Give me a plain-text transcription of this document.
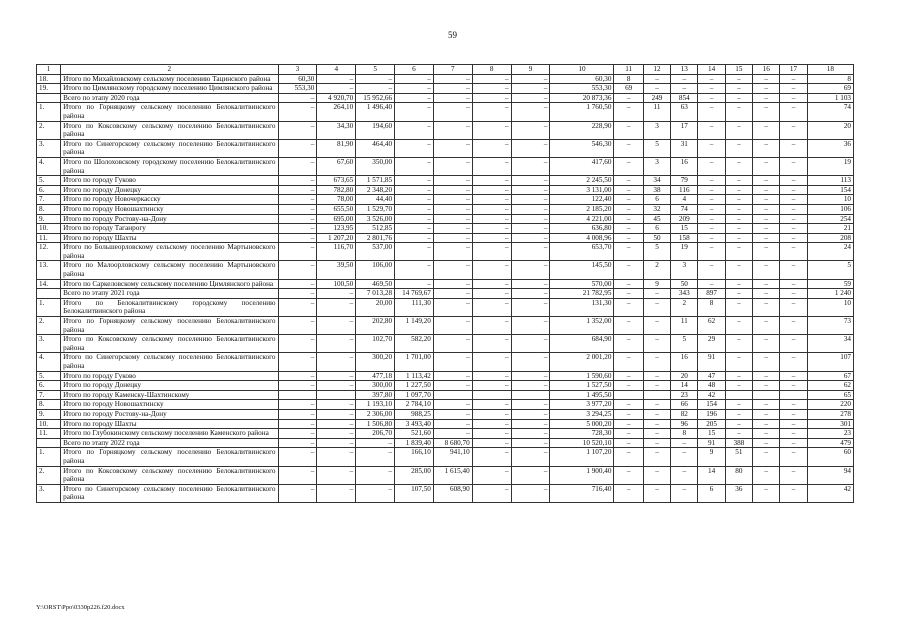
59
1	2	3	4	5	6	7	8	9	10	11	12	13	14	15	16	17	18
18.	Итого по Михайловскому сельскому поселению Тацинского района	60,30	–	–	–	–	–	–	60,30	8	–	–	–	–	–	–	8
19.	Итого по Цимлянскому городскому поселению Цимлянского района	553,30	–	–	–	–	–	–	553,30	69	–	–	–	–	–	–	69
	Всего по этапу 2020 года	–	4 920,70	15 952,66	–	–	–	–	20 873,36	–	249	854	–	–	–	–	1 103
1.	Итого по Горняцкому сельскому поселению Белокалитвинского района	–	264,10	1 496,40	–	–	–	–	1 760,50	–	11	63	–	–	–	–	74
2.	Итого по Коксовскому сельскому поселению Белокалитвинского района	–	34,30	194,60	–	–	–	–	228,90	–	3	17	–	–	–	–	20
3.	Итого по Синегорскому сельскому поселению Белокалитвинского района	–	81,90	464,40	–	–	–	–	546,30	–	5	31	–	–	–	–	36
4.	Итого по Шолоховскому городскому поселению Белокалитвинского района	–	67,60	350,00	–	–	–	–	417,60	–	3	16	–	–	–	–	19
5.	Итого по городу Гуково	–	673,65	1 571,85	–	–	–	–	2 245,50	–	34	79	–	–	–	–	113
6.	Итого по городу Донецку	–	782,80	2 348,20	–	–	–	–	3 131,00	–	38	116	–	–	–	–	154
7.	Итого по городу Новочеркасску	–	78,00	44,40	–	–	–	–	122,40	–	6	4	–	–	–	–	10
8.	Итого по городу Новошахтинску	–	655,50	1 529,70	–	–	–	–	2 185,20	–	32	74	–	–	–	–	106
9.	Итого по городу Ростову-на-Дону	–	695,00	3 526,00	–	–	–	–	4 221,00	–	45	209	–	–	–	–	254
10.	Итого по городу Таганрогу	–	123,95	512,85	–	–	–	–	636,80	–	6	15	–	–	–	–	21
11.	Итого по городу Шахты	–	1 207,20	2 801,76	–	–	–	–	4 008,96	–	50	158	–	–	–	–	208
12.	Итого по Большеорловскому сельскому поселению Мартыновского района	–	116,70	537,00	–	–	–	–	653,70	–	5	19	–	–	–	–	24
13.	Итого по Малоорловскому сельскому поселению Мартыновского района	–	39,50	106,00	–	–	–	–	145,50	–	2	3	–	–	–	–	5
14.	Итого по Саркеловскому сельскому поселению Цимлянского района	–	100,50	469,50	–	–	–	–	570,00	–	9	50	–	–	–	–	59
	Всего по этапу 2021 года	–	–	7 013,28	14 769,67	–	–	–	21 782,95	–	–	343	897	–	–	–	1 240
1.	Итого по Белокалитвинскому городскому поселению Белокалитвинского района	–	–	20,00	111,30	–	–	–	131,30	–	–	2	8	–	–	–	10
2.	Итого по Горняцкому сельскому поселению Белокалитвинского района	–	–	202,80	1 149,20	–	–	–	1 352,00	–	–	11	62	–	–	–	73
3.	Итого по Коксовскому сельскому поселению Белокалитвинского района	–	–	102,70	582,20	–	–	–	684,90	–	–	5	29	–	–	–	34
4.	Итого по Синегорскому сельскому поселению Белокалитвинского района	–	–	300,20	1 701,00	–	–	–	2 001,20	–	–	16	91	–	–	–	107
5.	Итого по городу Гуково	–	–	477,18	1 113,42	–	–	–	1 590,60	–	–	20	47	–	–	–	67
6.	Итого по городу Донецку	–	–	300,00	1 227,50	–	–	–	1 527,50	–	–	14	48	–	–	–	62
7.	Итого по городу Каменску-Шахтинскому			397,80	1 097,70				1 495,50			23	42				65
8.	Итого по городу Новошахтинску	–	–	1 193,10	2 784,10	–	–	–	3 977,20	–	–	66	154	–	–	–	220
9.	Итого по городу Ростову-на-Дону	–	–	2 306,00	988,25	–	–	–	3 294,25	–	–	82	196	–	–	–	278
10.	Итого по городу Шахты	–	–	1 506,80	3 493,40	–	–	–	5 000,20	–	–	96	205	–	–	–	301
11.	Итого по Глубокинскому сельскому поселению Каменского района	–	–	206,70	521,60	–	–	–	728,30	–	–	8	15	–	–	–	23
	Всего по этапу 2022 года	–	–	–	1 839,40	8 680,70	–	–	10 520,10	–	–	–	91	388	–	–	479
1.	Итого по Горняцкому сельскому поселению Белокалитвинского района	–	–	–	166,10	941,10	–	–	1 107,20	–	–	–	9	51	–	–	60
2.	Итого по Коксовскому сельскому поселению Белокалитвинского района	–	–	–	285,00	1 615,40	–	–	1 900,40	–	–	–	14	80	–	–	94
3.	Итого по Синегорскому сельскому поселению Белокалитвинского района	–	–	–	107,50	608,90	–	–	716,40	–	–	–	6	36	–	–	42
Y:\ORST\Ppo\0330p226.f20.docx
